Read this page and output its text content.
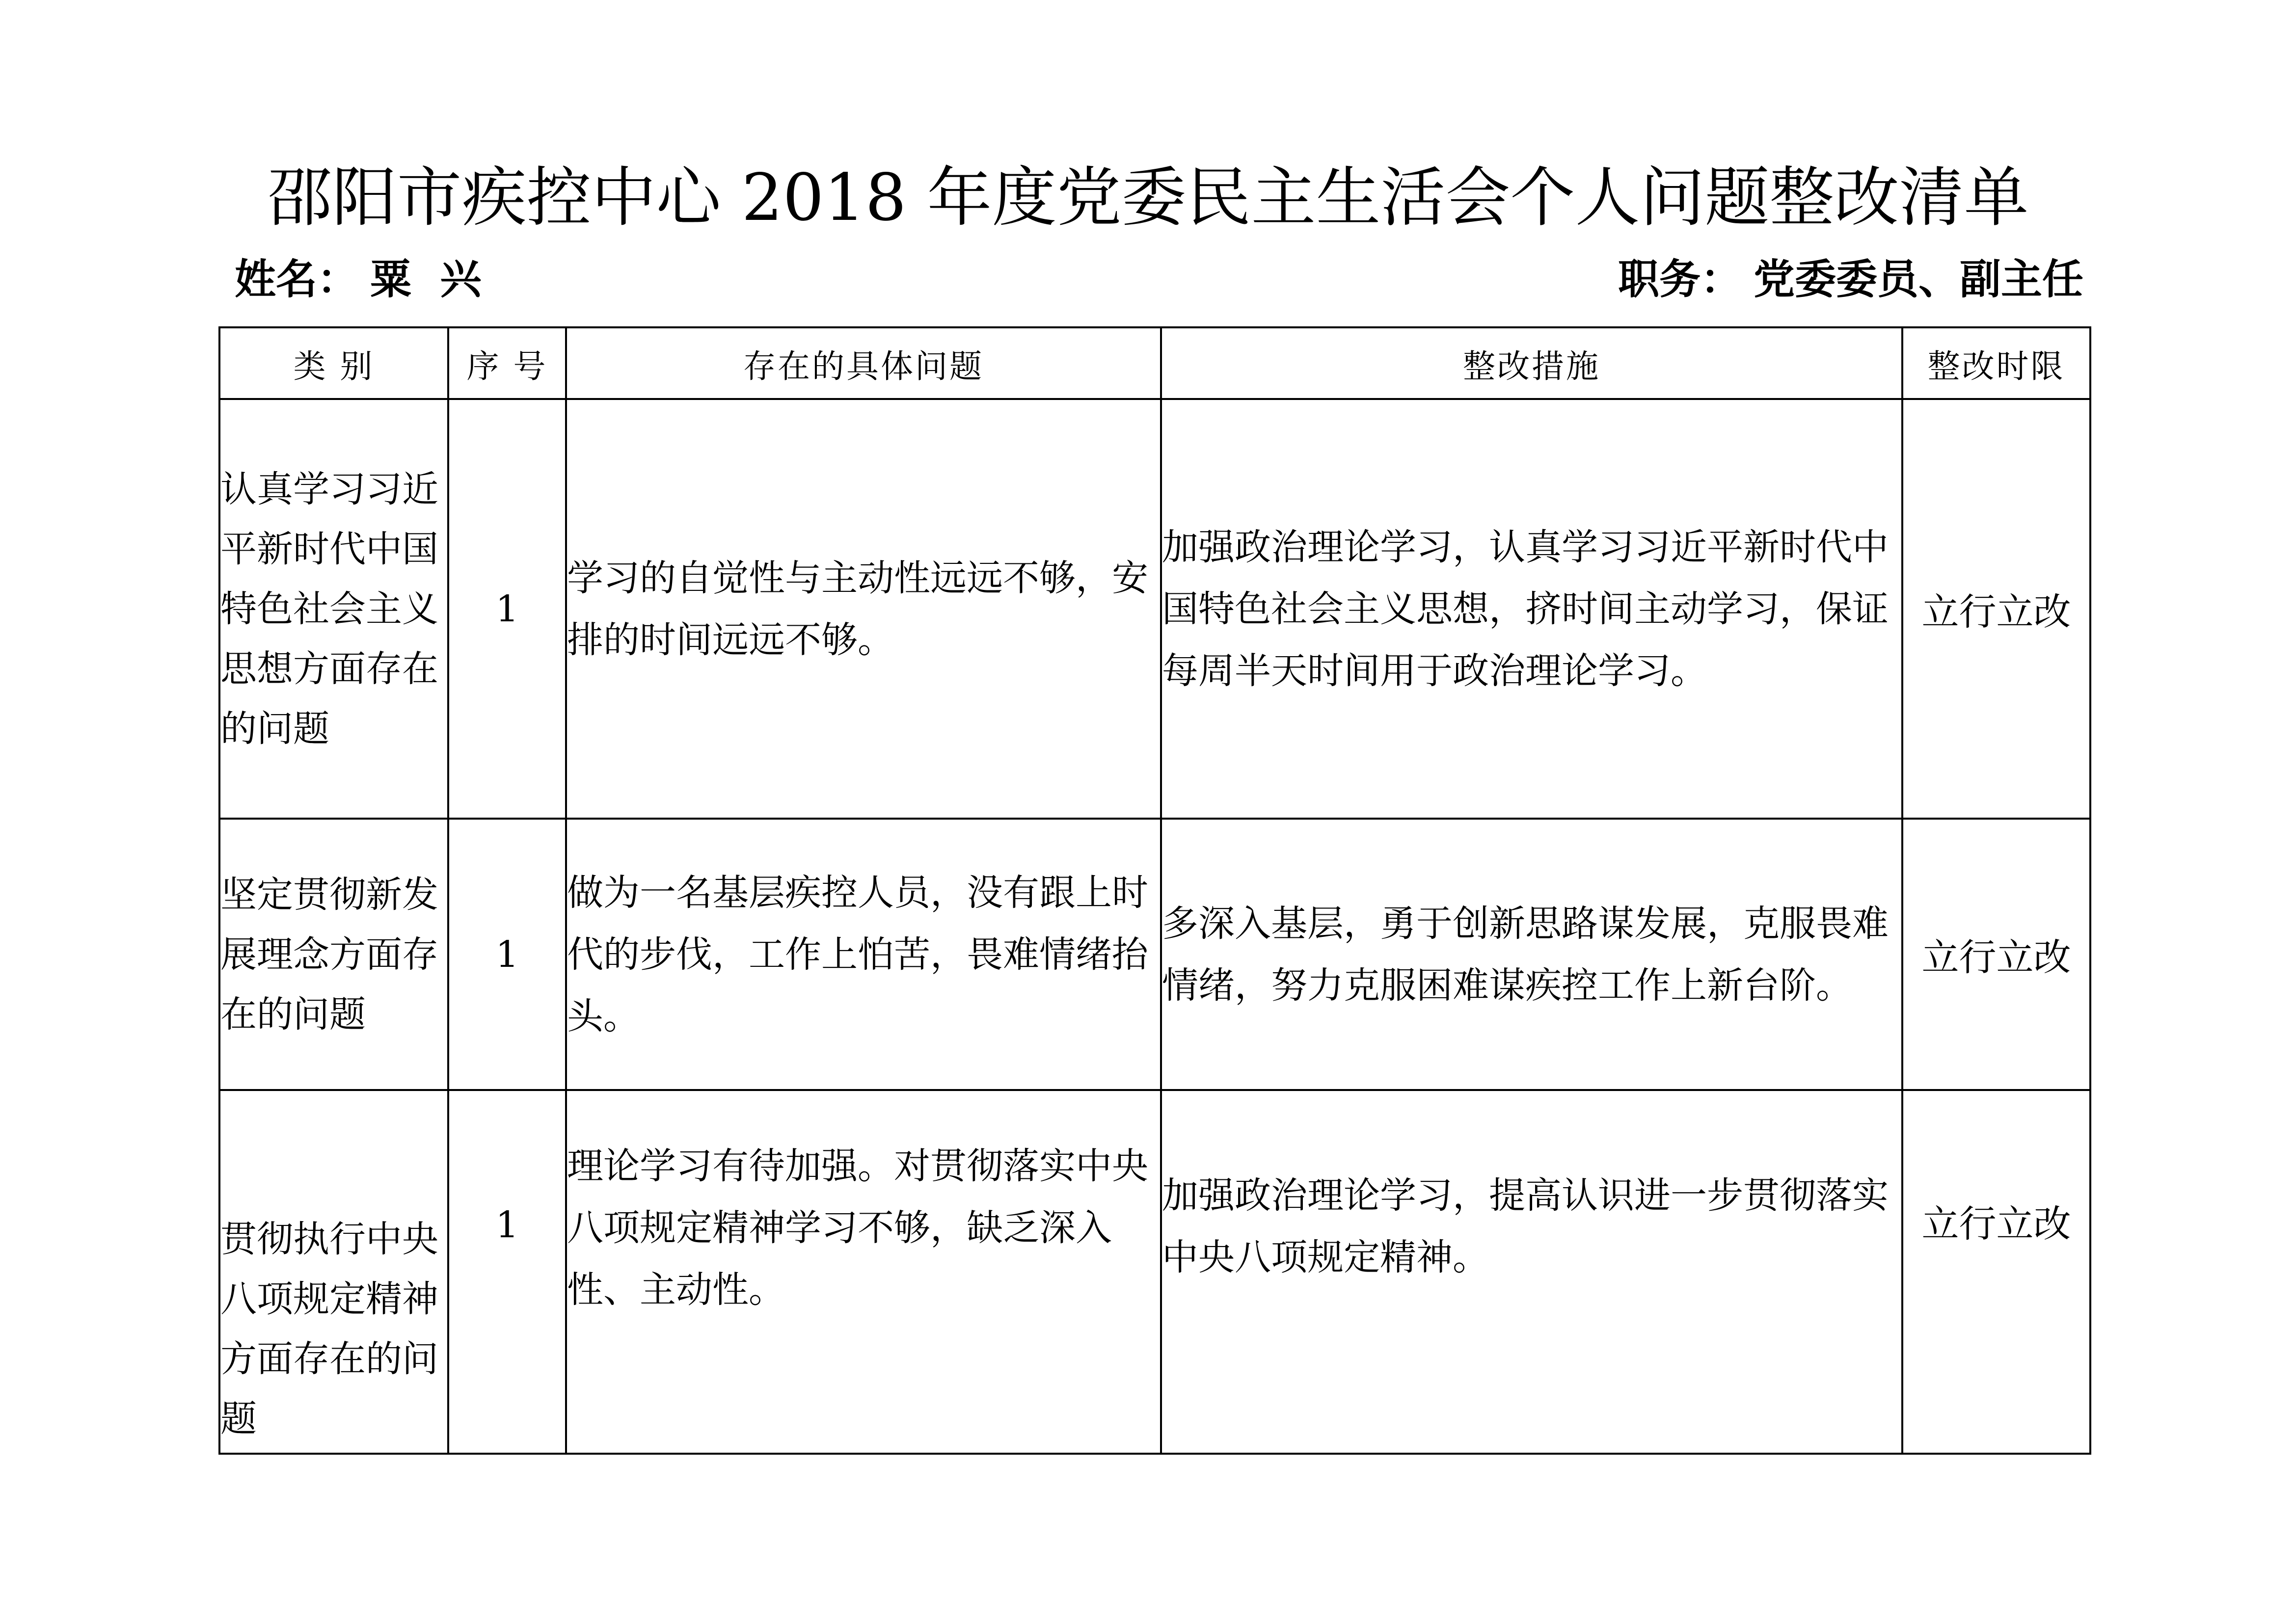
邵阳市疾控中心 2018 年度党委民主生活会个人问题整改清单
姓名： 粟  兴	职务： 党委委员、副主任
类 别	序 号	存在的具体问题	整改措施	整改时限
认真学习习近平新时代中国特色社会主义思想方面存在的问题	1	学习的自觉性与主动性远远不够，安排的时间远远不够。	加强政治理论学习，认真学习习近平新时代中国特色社会主义思想，挤时间主动学习，保证每周半天时间用于政治理论学习。	立行立改
坚定贯彻新发展理念方面存在的问题	1	做为一名基层疾控人员，没有跟上时代的步伐，工作上怕苦，畏难情绪抬头。	多深入基层，勇于创新思路谋发展，克服畏难情绪，努力克服困难谋疾控工作上新台阶。	立行立改
贯彻执行中央八项规定精神方面存在的问题	1	理论学习有待加强。对贯彻落实中央八项规定精神学习不够，缺乏深入性、主动性。	加强政治理论学习，提高认识进一步贯彻落实中央八项规定精神。	立行立改
